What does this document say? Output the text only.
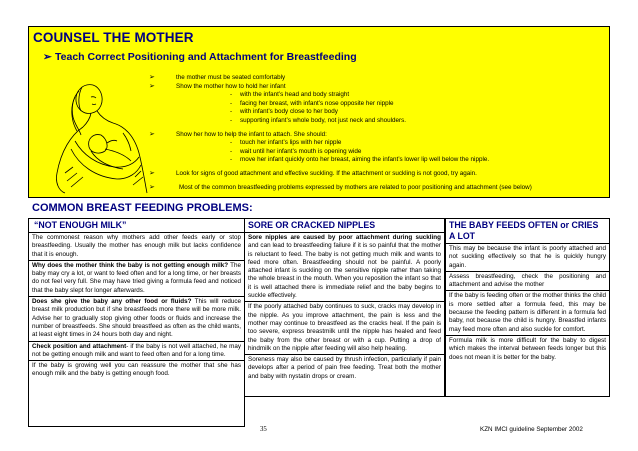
COUNSEL THE MOTHER
➢ Teach Correct Positioning and Attachment for Breastfeeding
➢	the mother must be seated comfortably
➢	Show the mother how to hold her infant
- with the infant’s head and body straight
- facing her breast, with infant’s nose opposite her nipple
- with infant’s body close to her body
- supporting infant’s whole body, not just neck and shoulders.
➢	Show her how to help the infant to attach. She should:
- touch her infant’s lips with her nipple
- wait until her infant’s mouth is opening wide
- move her infant quickly onto her breast, aiming the infant’s lower lip well below the nipple.
➢	Look for signs of good attachment and effective suckling. If the attachment or suckling is not good, try again.
➢	Most of the common breastfeeding problems expressed by mothers are related to poor positioning and attachment (see below)
COMMON BREAST FEEDING PROBLEMS:
“NOT ENOUGH MILK”
The commonest reason why mothers add other feeds early or stop breastfeeding. Usually the mother has enough milk but lacks confidence that it is enough.
Why does the mother think the baby is not getting enough milk? The baby may cry a lot, or want to feed often and for a long time, or her breasts do not feel very full. She may have tried giving a formula feed and noticed that the baby slept for longer afterwards.
Does she give the baby any other food or fluids? This will reduce breast milk production but if she breastfeeds more there will be more milk. Advise her to gradually stop giving other foods or fluids and increase the number of breastfeeds. She should breastfeed as often as the child wants, at least eight times in 24 hours both day and night.
Check position and attachment- if the baby is not well attached, he may not be getting enough milk and want to feed often and for a long time.
If the baby is growing well you can reassure the mother that she has enough milk and the baby is getting enough food.
SORE OR CRACKED NIPPLES
Sore nipples are caused by poor attachment during suckling and can lead to breastfeeding failure if it is so painful that the mother is reluctant to feed. The baby is not getting much milk and wants to feed more often. Breastfeeding should not be painful. A poorly attached infant is suckling on the sensitive nipple rather than taking the whole breast in the mouth. When you reposition the infant so that it is well attached there is immediate relief and the baby begins to suckle effectively.
If the poorly attached baby continues to suck, cracks may develop in the nipple. As you improve attachment, the pain is less and the mother may continue to breastfeed as the cracks heal. If the pain is too severe, express breastmilk until the nipple has healed and feed the baby from the other breast or with a cup. Putting a drop of hindmilk on the nipple after feeding will also help healing.
Soreness may also be caused by thrush infection, particularly if pain develops after a period of pain free feeding. Treat both the mother and baby with nystatin drops or cream.
THE BABY FEEDS OFTEN or CRIES A LOT
This may be because the infant is poorly attached and not suckling effectively so that he is quickly hungry again.
Assess breastfeeding, check the positioning and attachment and advise the mother
If the baby is feeding often or the mother thinks the child is more settled after a formula feed, this may be because the feeding pattern is different in a formula fed baby, not because the child is hungry. Breastfed infants may feed more often and also suckle for comfort.
Formula milk is more difficult for the baby to digest which makes the interval between feeds longer but this does not mean it is better for the baby.
35	KZN IMCI guideline September 2002
